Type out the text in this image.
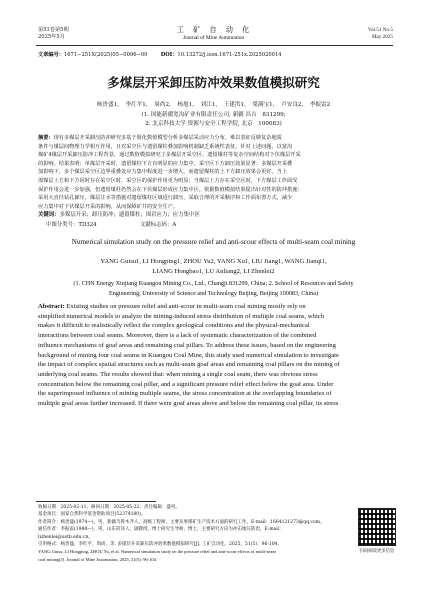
第51卷第5期
2025年5月
工　矿　自　动　化
Journal of Mine Automation
Vol.51 No.5
May 2025
文章编号：1671−251X(2025)05−0096−09	DOI：10.13272/j.issn.1671-251x.2025020014
多煤层开采卸压防冲效果数值模拟研究
杨贵盛1，　李红平1，　周尚2，　杨旭1，　刘江1，　王建洪1，　梁满宝1，　卢安良2，　李振雷2
(1. 国能新疆宽沟矿业有限责任公司, 新疆 昌吉　831299;
2. 北京科技大学 资源与安全工程学院, 北京　100083)
摘要：现有多煤层开采卸压防冲研究多基于简化数值模型分析多煤层采动应力分布，难以表征反映复杂地质
条件与煤层间物理力学相互作用，且对采空区与遗留煤柱叠加影响机制缺乏系统性表征。针对上述问题，以宽沟
煤矿4煤层开采卸压防冲工程背景，通过数值模拟研究了多煤层开采空区、遗留煤柱等复杂空间结构对下伏煤层开采
的影响。结果表明：单煤层开采时，遗留煤柱下方有明显的应力集中，采空区下方卸压效果显著；多煤层开采叠
加影响下，多个煤层采空区边界重叠处应力集中程度进一步增大，而遗留煤柱的上下方卸压效果会更好。当上
部煤层上方和下方同时存在采空区时，采空区的保护作用更为明显；当煤层上方存在采空区时，下方煤层工作面受
保护作用会进一步加强，但遗留煤柱仍然会在下伏煤层形成应力集中区。依据数值模拟结果提出针对性的防冲措施：
采用大直径钻孔卸压、煤层注水等措施对遗留煤柱区域进行卸压，采取合理的开采顺序和工作面布置方式，减少
应力集中对下伏煤层开采的影响，从而保障矿井的安全生产。
关键词：多煤层开采；卸压防冲；遗留煤柱；围岩应力；应力集中区
中图分类号：TD324	文献标志码：A
Numerical simulation study on the pressure relief and anti-scour effects of multi-seam coal mining
YANG Guisu1, LI Hongping1, ZHOU Yu2, YANG Xu1, LIU Jiang1, WANG Jianqi1,
LIANG Hongbao1, LU Anliang2, LI Zhenlei2
(1. CHN Energy Xinjiang Kuangou Mining Co., Ltd., Changji 831299, China; 2. School of Resources and Safety
Engineering, University of Science and Technology Beijing, Beijing 100083, China)
Abstract: Existing studies on pressure relief and anti-scour in multi-seam coal mining mostly rely on
simplified numerical models to analyze the mining-induced stress distribution of multiple coal seams, which
makes it difficult to realistically reflect the complex geological conditions and the physical-mechanical
interactions between coal seams. Moreover, there is a lack of systematic characterization of the combined
influence mechanisms of goaf areas and remaining coal pillars. To address these issues, based on the engineering
background of mining four coal seams in Kuangou Coal Mine, this study used numerical simulation to investigate
the impact of complex spatial structures such as multi-seam goaf areas and remaining coal pillars on the mining of
underlying coal seams. The results showed that: when mining a single coal seam, there was obvious stress
concentration below the remaining coal pillar, and a significant pressure relief effect below the goaf area. Under
the superimposed influence of mining multiple seams, the stress concentration at the overlapping boundaries of
multiple goaf areas further increased. If there were goaf areas above and below the remaining coal pillar, its stress
收稿日期：2025-02-11；修回日期：2025-05-22；责任编辑：盛男。
基金项目：国家自然科学基金资助项目(52374180)。
作者简介：杨贵盛(1974—)，男，新疆乌鲁木齐人，高级工程师，主要从事煤矿生产技术方面的研究工作，E-mail：1664121273@qq.com。
通信作者：李振雷(1988—)，男，山东菏泽人，副教授，博士研究生导师，博士，主要研究方向为冲击地压防治，E-mail：
lizhenlei@ustb.edu.cn。
引用格式：杨贵盛，李红平，周尚，等. 多煤层开采卸压防冲效果数值模拟研究[J]. 工矿自动化，2025，51(5)：96-104.
YANG Guisu, LI Hongping, ZHOU Yu, et al. Numerical simulation study on the pressure relief and anti-scour effects of multi-seam
coal mining[J]. Journal of Mine Automation, 2025, 51(5): 96-104.
扫码阅读更多信息
